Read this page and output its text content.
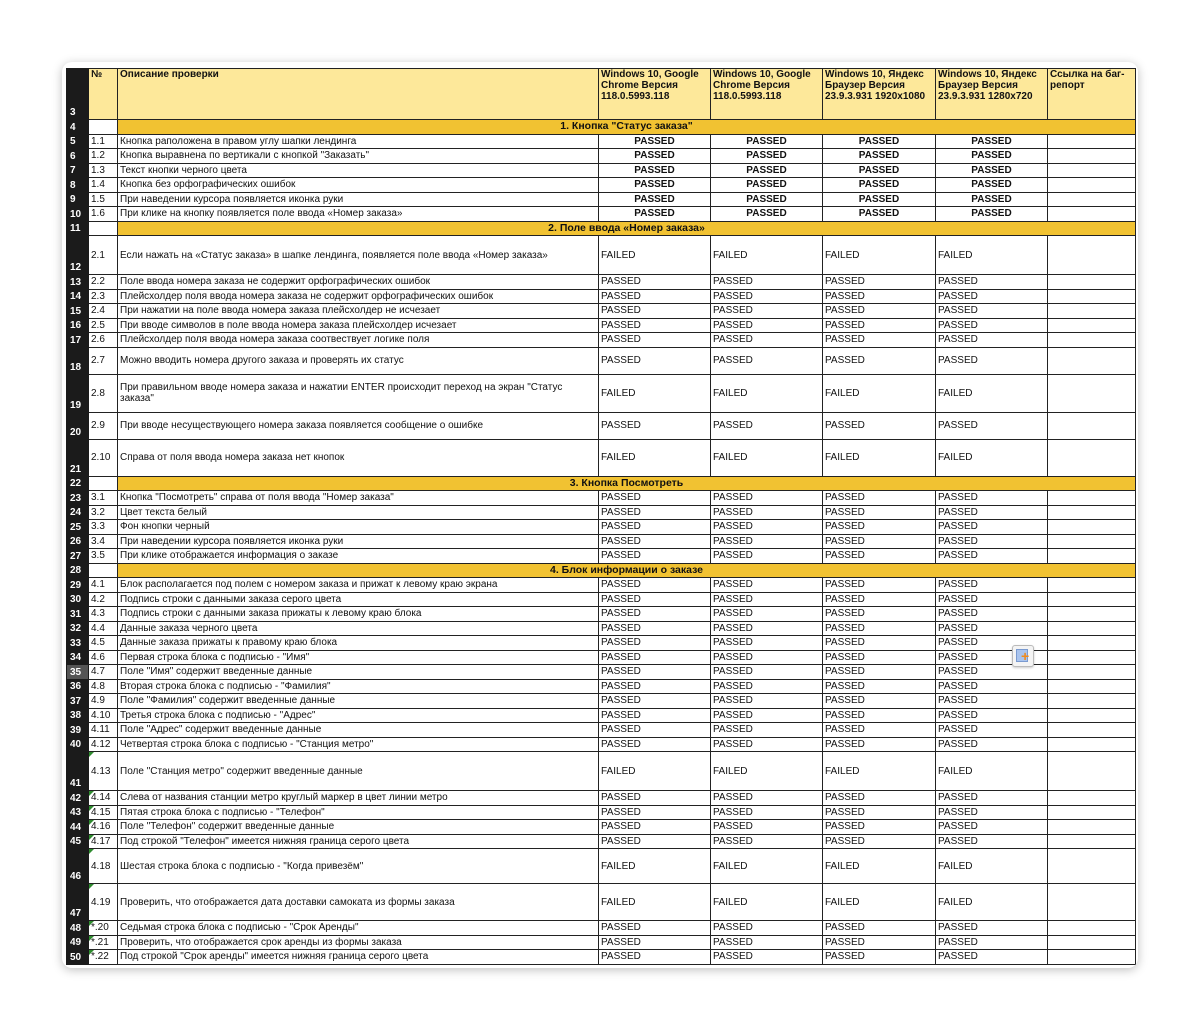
3	№	Описание проверки	Windows 10, Google Chrome Версия 118.0.5993.118	Windows 10, Google Chrome Версия 118.0.5993.118	Windows 10, Яндекс Браузер Версия 23.9.3.931 1920x1080	Windows 10, Яндекс Браузер Версия 23.9.3.931 1280x720	Ссылка на баг-репорт
4		1. Кнопка "Статус заказа"					
5	1.1	Кнопка раположена в правом углу шапки лендинга	PASSED	PASSED	PASSED	PASSED	
6	1.2	Кнопка выравнена по вертикали с кнопкой "Заказать"	PASSED	PASSED	PASSED	PASSED	
7	1.3	Текст кнопки черного цвета	PASSED	PASSED	PASSED	PASSED	
8	1.4	Кнопка без орфографических ошибок	PASSED	PASSED	PASSED	PASSED	
9	1.5	При наведении курсора появляется иконка руки	PASSED	PASSED	PASSED	PASSED	
10	1.6	При клике на кнопку появляется поле ввода «Номер заказа»	PASSED	PASSED	PASSED	PASSED	
11		2. Поле ввода «Номер заказа»					
12	2.1	Если нажать на «Статус заказа» в шапке лендинга, появляется поле ввода «Номер заказа»	FAILED	FAILED	FAILED	FAILED	
13	2.2	Поле ввода номера заказа не содержит орфографических ошибок	PASSED	PASSED	PASSED	PASSED	
14	2.3	Плейсхолдер поля ввода номера заказа не содержит орфографических ошибок	PASSED	PASSED	PASSED	PASSED	
15	2.4	При нажатии на поле ввода номера заказа плейсхолдер не исчезает	PASSED	PASSED	PASSED	PASSED	
16	2.5	При вводе символов в поле ввода номера заказа плейсхолдер исчезает	PASSED	PASSED	PASSED	PASSED	
17	2.6	Плейсхолдер поля ввода номера заказа соотвествует логике поля	PASSED	PASSED	PASSED	PASSED	
18	2.7	Можно вводить номера другого заказа и проверять их статус	PASSED	PASSED	PASSED	PASSED	
19	2.8	При правильном вводе номера заказа и нажатии ENTER происходит переход на экран "Статус заказа"	FAILED	FAILED	FAILED	FAILED	
20	2.9	При вводе несуществующего номера заказа появляется сообщение о ошибке	PASSED	PASSED	PASSED	PASSED	
21	2.10	Справа от поля ввода номера заказа нет кнопок	FAILED	FAILED	FAILED	FAILED	
22		3. Кнопка Посмотреть					
23	3.1	Кнопка "Посмотреть" справа от поля ввода "Номер заказа"	PASSED	PASSED	PASSED	PASSED	
24	3.2	Цвет текста белый	PASSED	PASSED	PASSED	PASSED	
25	3.3	Фон кнопки черный	PASSED	PASSED	PASSED	PASSED	
26	3.4	При наведении курсора появляется иконка руки	PASSED	PASSED	PASSED	PASSED	
27	3.5	При клике отображается информация о заказе	PASSED	PASSED	PASSED	PASSED	
28		4. Блок информации о заказе					
29	4.1	Блок располагается под полем с номером заказа и прижат к левому краю экрана	PASSED	PASSED	PASSED	PASSED	
30	4.2	Подпись строки с данными заказа серого цвета	PASSED	PASSED	PASSED	PASSED	
31	4.3	Подпись строки с данными заказа прижаты к левому краю блока	PASSED	PASSED	PASSED	PASSED	
32	4.4	Данные заказа черного цвета	PASSED	PASSED	PASSED	PASSED	
33	4.5	Данные заказа прижаты к правому краю блока	PASSED	PASSED	PASSED	PASSED	
34	4.6	Первая строка блока с подписью - "Имя"	PASSED	PASSED	PASSED	PASSED	
35	4.7	Поле "Имя" содержит введенные данные	PASSED	PASSED	PASSED	PASSED	
36	4.8	Вторая строка блока с подписью - "Фамилия"	PASSED	PASSED	PASSED	PASSED	
37	4.9	Поле "Фамилия" содержит введенные данные	PASSED	PASSED	PASSED	PASSED	
38	4.10	Третья строка блока с подписью - "Адрес"	PASSED	PASSED	PASSED	PASSED	
39	4.11	Поле "Адрес" содержит введенные данные	PASSED	PASSED	PASSED	PASSED	
40	4.12	Четвертая строка блока с подписью - "Станция метро"	PASSED	PASSED	PASSED	PASSED	
41	4.13	Поле "Станция метро" содержит введенные данные	FAILED	FAILED	FAILED	FAILED	
42	4.14	Слева от названия станции метро круглый маркер в цвет линии метро	PASSED	PASSED	PASSED	PASSED	
43	4.15	Пятая строка блока с подписью - "Телефон"	PASSED	PASSED	PASSED	PASSED	
44	4.16	Поле "Телефон" содержит введенные данные	PASSED	PASSED	PASSED	PASSED	
45	4.17	Под строкой "Телефон" имеется нижняя граница серого цвета	PASSED	PASSED	PASSED	PASSED	
46	4.18	Шестая строка блока с подписью - "Когда привезём"	FAILED	FAILED	FAILED	FAILED	
47	4.19	Проверить, что отображается дата доставки самоката из формы заказа	FAILED	FAILED	FAILED	FAILED	
48	*.20	Седьмая строка блока с подписью - "Срок Аренды"	PASSED	PASSED	PASSED	PASSED	
49	*.21	Проверить, что отображается срок аренды из формы заказа	PASSED	PASSED	PASSED	PASSED	
50	*.22	Под строкой "Срок аренды" имеется нижняя граница серого цвета	PASSED	PASSED	PASSED	PASSED	
+
